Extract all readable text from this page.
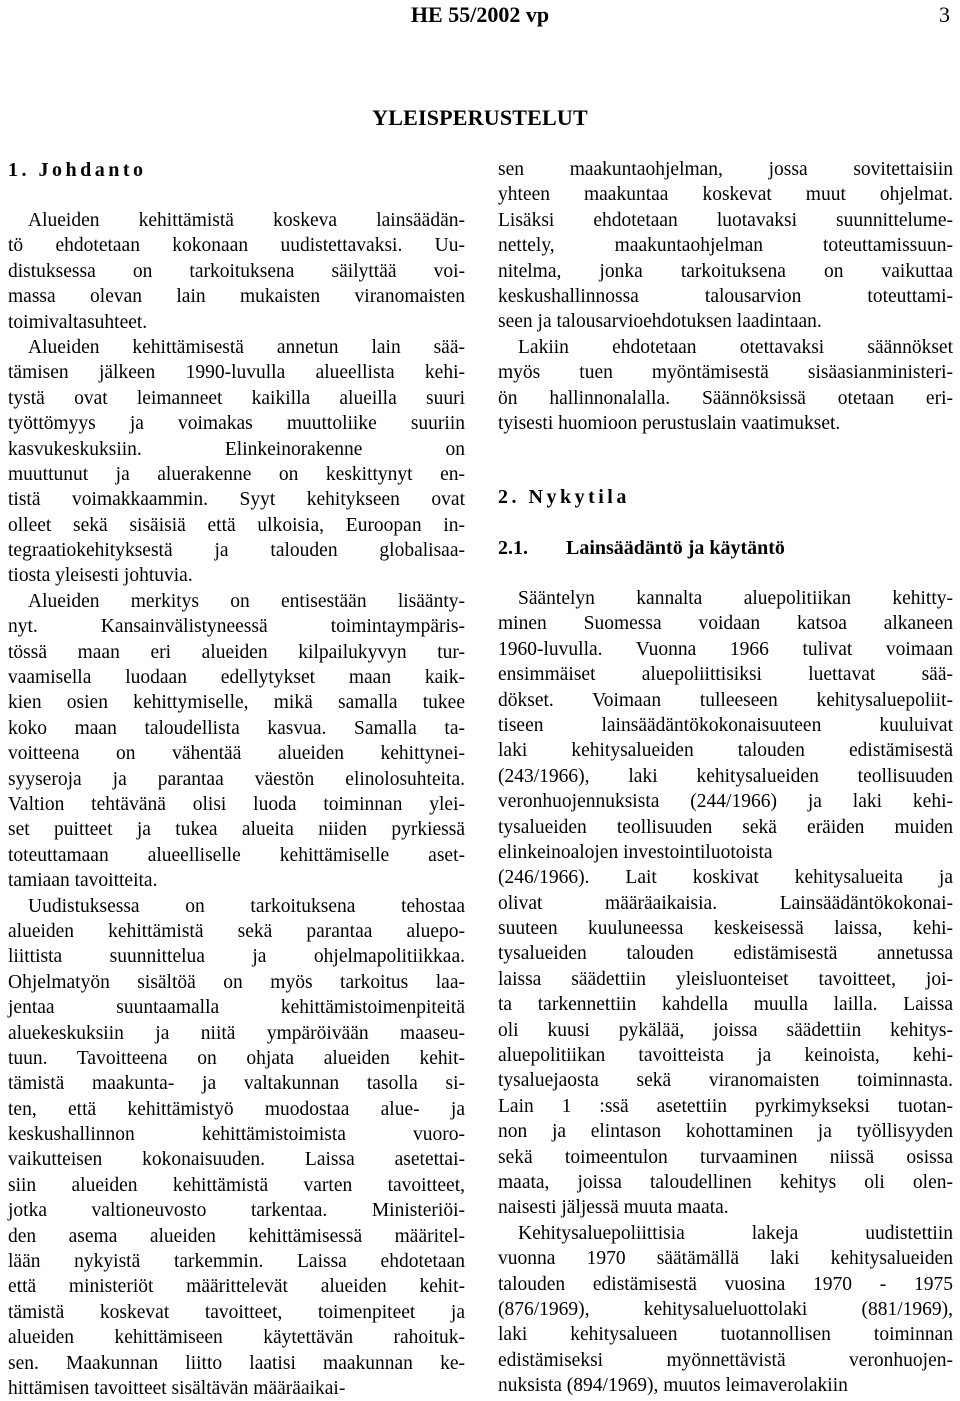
HE 55/2002 vp	3
YLEISPERUSTELUT
1. Johdanto
Alueiden kehittämistä koskeva lainsäädän-
tö ehdotetaan kokonaan uudistettavaksi. Uu-
distuksessa on tarkoituksena säilyttää voi-
massa olevan lain mukaisten viranomaisten
toimivaltasuhteet.
Alueiden kehittämisestä annetun lain sää-
tämisen jälkeen 1990-luvulla alueellista kehi-
tystä ovat leimanneet kaikilla alueilla suuri
työttömyys ja voimakas muuttoliike suuriin
kasvukeskuksiin. Elinkeinorakenne on
muuttunut ja aluerakenne on keskittynyt en-
tistä voimakkaammin. Syyt kehitykseen ovat
olleet sekä sisäisiä että ulkoisia, Euroopan in-
tegraatiokehityksestä ja talouden globalisaa-
tiosta yleisesti johtuvia.
Alueiden merkitys on entisestään lisäänty-
nyt. Kansainvälistyneessä toimintaympäris-
tössä maan eri alueiden kilpailukyvyn tur-
vaamisella luodaan edellytykset maan kaik-
kien osien kehittymiselle, mikä samalla tukee
koko maan taloudellista kasvua. Samalla ta-
voitteena on vähentää alueiden kehittynei-
syyseroja ja parantaa väestön elinolosuhteita.
Valtion tehtävänä olisi luoda toiminnan ylei-
set puitteet ja tukea alueita niiden pyrkiessä
toteuttamaan alueelliselle kehittämiselle aset-
tamiaan tavoitteita.
Uudistuksessa on tarkoituksena tehostaa
alueiden kehittämistä sekä parantaa aluepo-
liittista suunnittelua ja ohjelmapolitiikkaa.
Ohjelmatyön sisältöä on myös tarkoitus laa-
jentaa suuntaamalla kehittämistoimenpiteitä
aluekeskuksiin ja niitä ympäröivään maaseu-
tuun. Tavoitteena on ohjata alueiden kehit-
tämistä maakunta- ja valtakunnan tasolla si-
ten, että kehittämistyö muodostaa alue- ja
keskushallinnon kehittämistoimista vuoro-
vaikutteisen kokonaisuuden. Laissa asetettai-
siin alueiden kehittämistä varten tavoitteet,
jotka valtioneuvosto tarkentaa. Ministeriöi-
den asema alueiden kehittämisessä määritel-
lään nykyistä tarkemmin. Laissa ehdotetaan
että ministeriöt määrittelevät alueiden kehit-
tämistä koskevat tavoitteet, toimenpiteet ja
alueiden kehittämiseen käytettävän rahoituk-
sen. Maakunnan liitto laatisi maakunnan ke-
hittämisen tavoitteet sisältävän määräaikai-
sen maakuntaohjelman, jossa sovitettaisiin
yhteen maakuntaa koskevat muut ohjelmat.
Lisäksi ehdotetaan luotavaksi suunnittelume-
nettely, maakuntaohjelman toteuttamissuun-
nitelma, jonka tarkoituksena on vaikuttaa
keskushallinnossa talousarvion toteuttami-
seen ja talousarvioehdotuksen laadintaan.
Lakiin ehdotetaan otettavaksi säännökset
myös tuen myöntämisestä sisäasianministeri-
ön hallinnonalalla. Säännöksissä otetaan eri-
tyisesti huomioon perustuslain vaatimukset.
2. Nykytila
2.1. Lainsäädäntö ja käytäntö
Sääntelyn kannalta aluepolitiikan kehitty-
minen Suomessa voidaan katsoa alkaneen
1960-luvulla. Vuonna 1966 tulivat voimaan
ensimmäiset aluepoliittisiksi luettavat sää-
dökset. Voimaan tulleeseen kehitysaluepoliit-
tiseen lainsäädäntökokonaisuuteen kuuluivat
laki kehitysalueiden talouden edistämisestä
(243/1966), laki kehitysalueiden teollisuuden
veronhuojennuksista (244/1966) ja laki kehi-
tysalueiden teollisuuden sekä eräiden muiden
elinkeinoalojen investointiluotoista
(246/1966). Lait koskivat kehitysalueita ja
olivat määräaikaisia. Lainsäädäntökokonai-
suuteen kuuluneessa keskeisessä laissa, kehi-
tysalueiden talouden edistämisestä annetussa
laissa säädettiin yleisluonteiset tavoitteet, joi-
ta tarkennettiin kahdella muulla lailla. Laissa
oli kuusi pykälää, joissa säädettiin kehitys-
aluepolitiikan tavoitteista ja keinoista, kehi-
tysaluejaosta sekä viranomaisten toiminnasta.
Lain 1 :ssä asetettiin pyrkimykseksi tuotan-
non ja elintason kohottaminen ja työllisyyden
sekä toimeentulon turvaaminen niissä osissa
maata, joissa taloudellinen kehitys oli olen-
naisesti jäljessä muuta maata.
Kehitysaluepoliittisia lakeja uudistettiin
vuonna 1970 säätämällä laki kehitysalueiden
talouden edistämisestä vuosina 1970 - 1975
(876/1969), kehitysalueluottolaki (881/1969),
laki kehitysalueen tuotannollisen toiminnan
edistämiseksi myönnettävistä veronhuojen-
nuksista (894/1969), muutos leimaverolakiin
